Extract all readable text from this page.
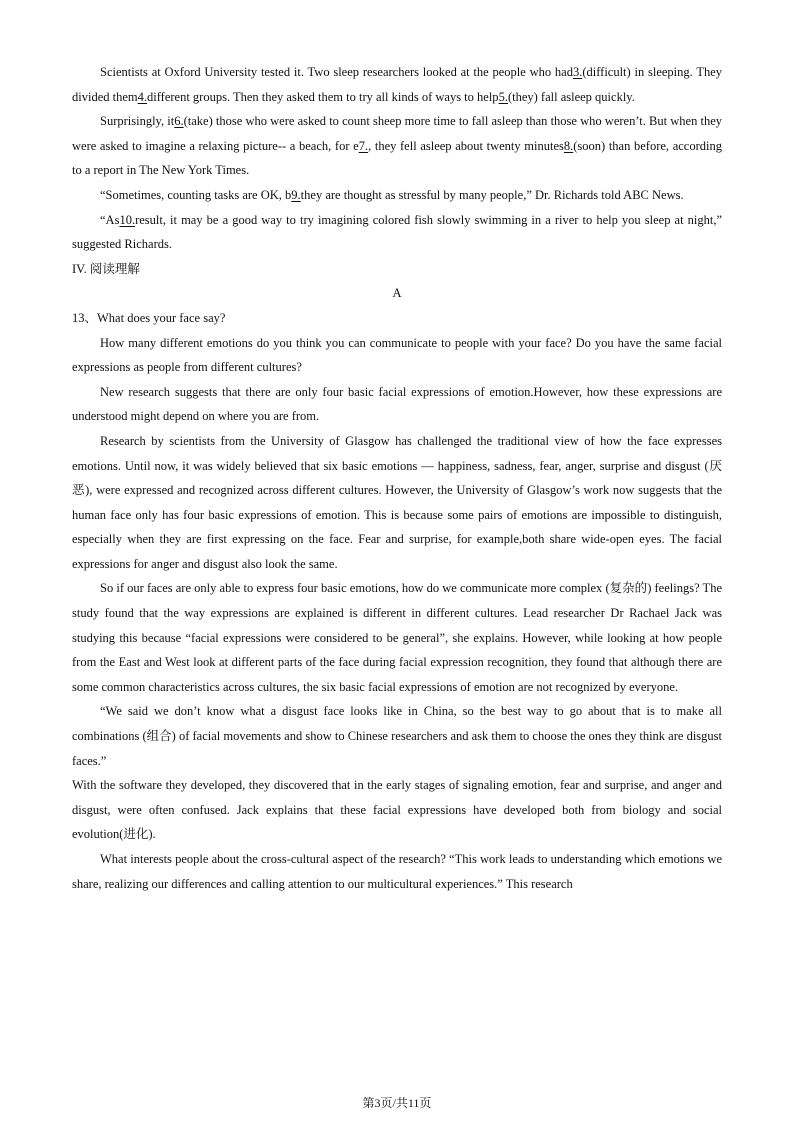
Scientists at Oxford University tested it. Two sleep researchers looked at the people who had3.(difficult) in sleeping. They divided them4.different groups. Then they asked them to try all kinds of ways to help5.(they) fall asleep quickly.

Surprisingly, it6.(take) those who were asked to count sheep more time to fall asleep than those who weren’t. But when they were asked to imagine a relaxing picture-- a beach, for e7., they fell asleep about twenty minutes8.(soon) than before, according to a report in The New York Times.

“Sometimes, counting tasks are OK, b9.they are thought as stressful by many people,” Dr. Richards told ABC News.

“As10.result, it may be a good way to try imagining colored fish slowly swimming in a river to help you sleep at night,” suggested Richards.

IV. 阅读理解

A

13、What does your face say?

How many different emotions do you think you can communicate to people with your face? Do you have the same facial expressions as people from different cultures?

New research suggests that there are only four basic facial expressions of emotion.However, how these expressions are understood might depend on where you are from.

Research by scientists from the University of Glasgow has challenged the traditional view of how the face expresses emotions. Until now, it was widely believed that six basic emotions — happiness, sadness, fear, anger, surprise and disgust (厌恶), were expressed and recognized across different cultures. However, the University of Glasgow’s work now suggests that the human face only has four basic expressions of emotion. This is because some pairs of emotions are impossible to distinguish, especially when they are first expressing on the face. Fear and surprise, for example,both share wide-open eyes. The facial expressions for anger and disgust also look the same.

So if our faces are only able to express four basic emotions, how do we communicate more complex (复杂的) feelings? The study found that the way expressions are explained is different in different cultures. Lead researcher Dr Rachael Jack was studying this because “facial expressions were considered to be general”, she explains. However, while looking at how people from the East and West look at different parts of the face during facial expression recognition, they found that although there are some common characteristics across cultures, the six basic facial expressions of emotion are not recognized by everyone.

“We said we don’t know what a disgust face looks like in China, so the best way to go about that is to make all combinations (组合) of facial movements and show to Chinese researchers and ask them to choose the ones they think are disgust faces.”

With the software they developed, they discovered that in the early stages of signaling emotion, fear and surprise, and anger and disgust, were often confused. Jack explains that these facial expressions have developed both from biology and social evolution(进化).

What interests people about the cross-cultural aspect of the research? “This work leads to understanding which emotions we share, realizing our differences and calling attention to our multicultural experiences.” This research

第3页/共11页
